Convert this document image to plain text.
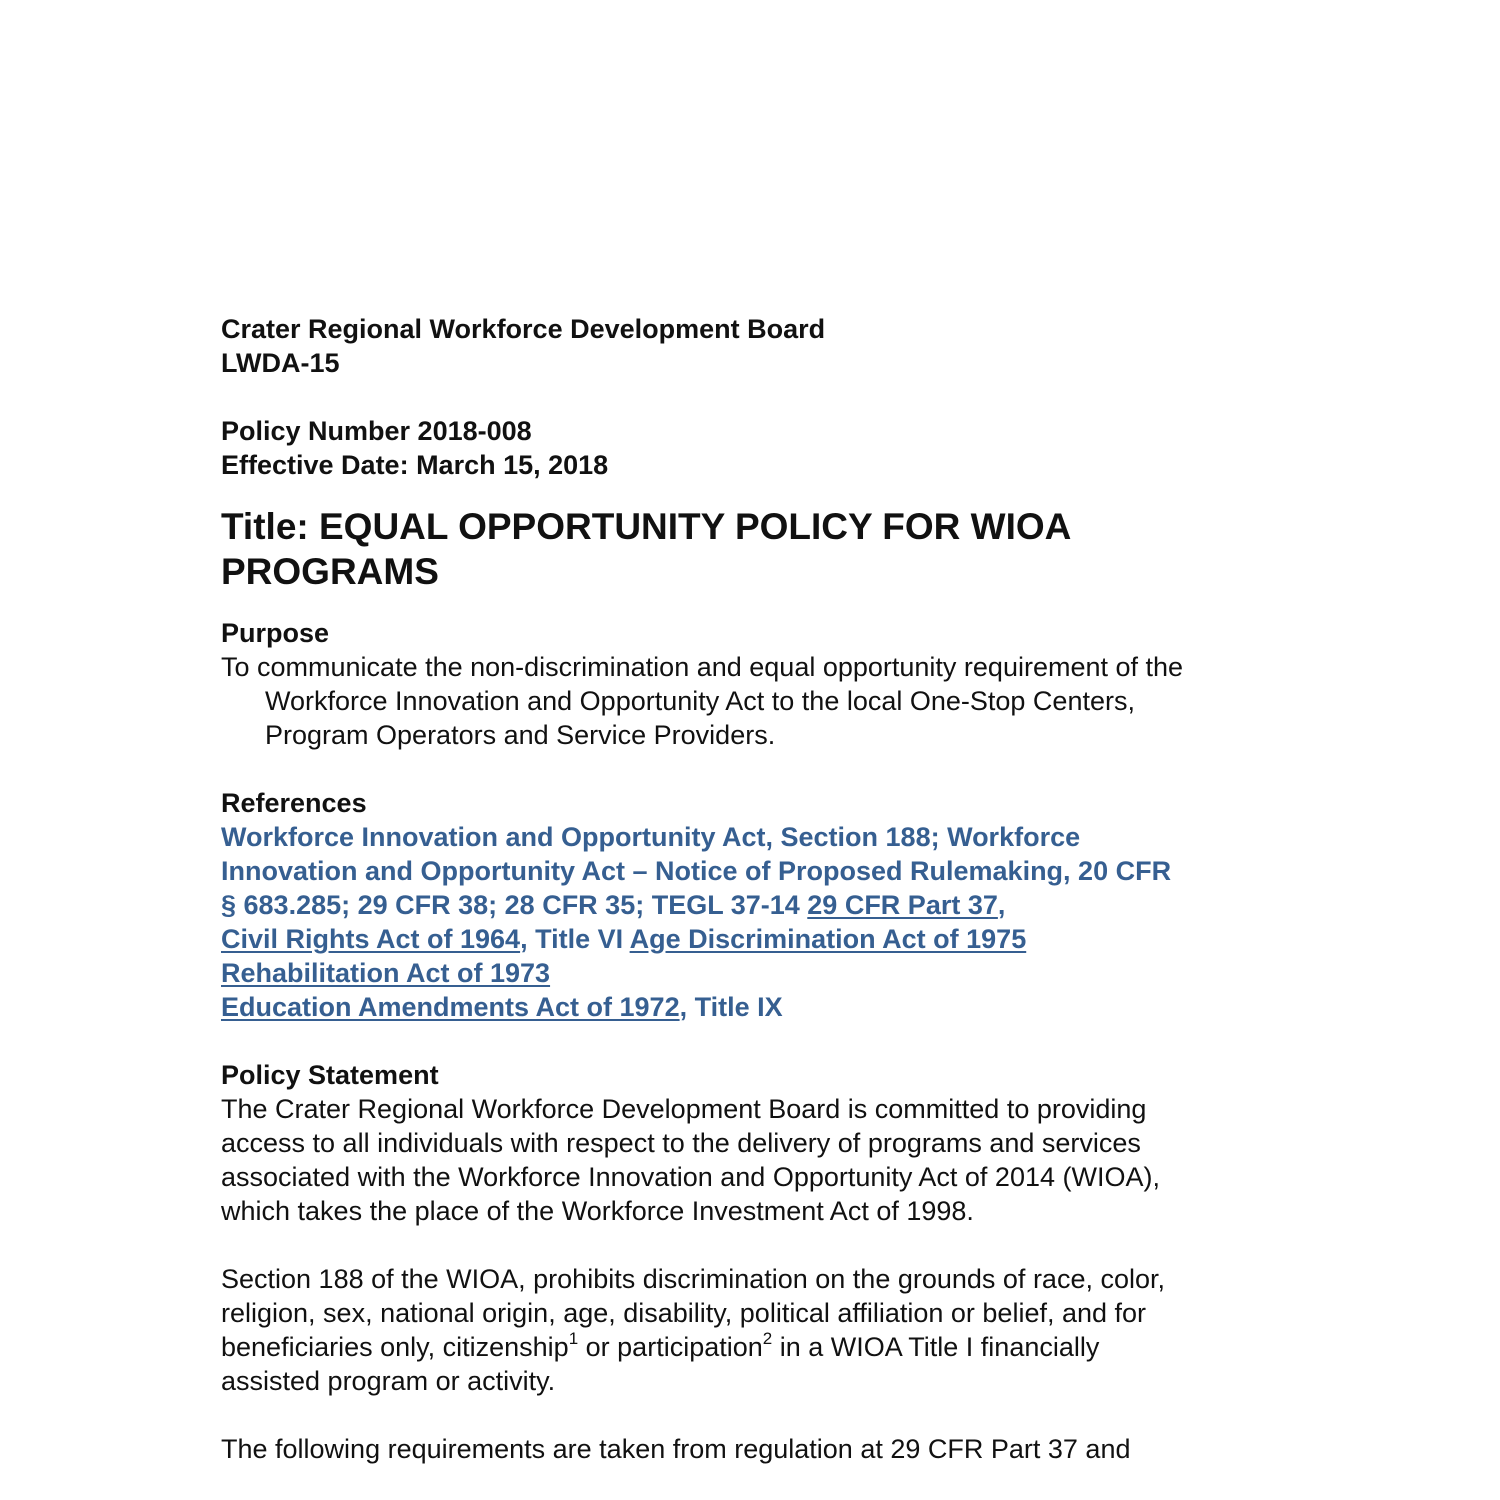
Crater Regional Workforce Development Board
LWDA-15
Policy Number 2018-008
Effective Date: March 15, 2018
Title: EQUAL OPPORTUNITY POLICY FOR WIOA
PROGRAMS
Purpose
To communicate the non-discrimination and equal opportunity requirement of the
Workforce Innovation and Opportunity Act to the local One-Stop Centers,
Program Operators and Service Providers.
References
Workforce Innovation and Opportunity Act, Section 188; Workforce
Innovation and Opportunity Act – Notice of Proposed Rulemaking, 20 CFR
§ 683.285; 29 CFR 38; 28 CFR 35; TEGL 37-14 29 CFR Part 37,
Civil Rights Act of 1964, Title VI Age Discrimination Act of 1975
Rehabilitation Act of 1973
Education Amendments Act of 1972, Title IX
Policy Statement
The Crater Regional Workforce Development Board is committed to providing
access to all individuals with respect to the delivery of programs and services
associated with the Workforce Innovation and Opportunity Act of 2014 (WIOA),
which takes the place of the Workforce Investment Act of 1998.
Section 188 of the WIOA, prohibits discrimination on the grounds of race, color,
religion, sex, national origin, age, disability, political affiliation or belief, and for
beneficiaries only, citizenship$^1$ or participation$^2$ in a WIOA Title I financially
assisted program or activity.
The following requirements are taken from regulation at 29 CFR Part 37 and
